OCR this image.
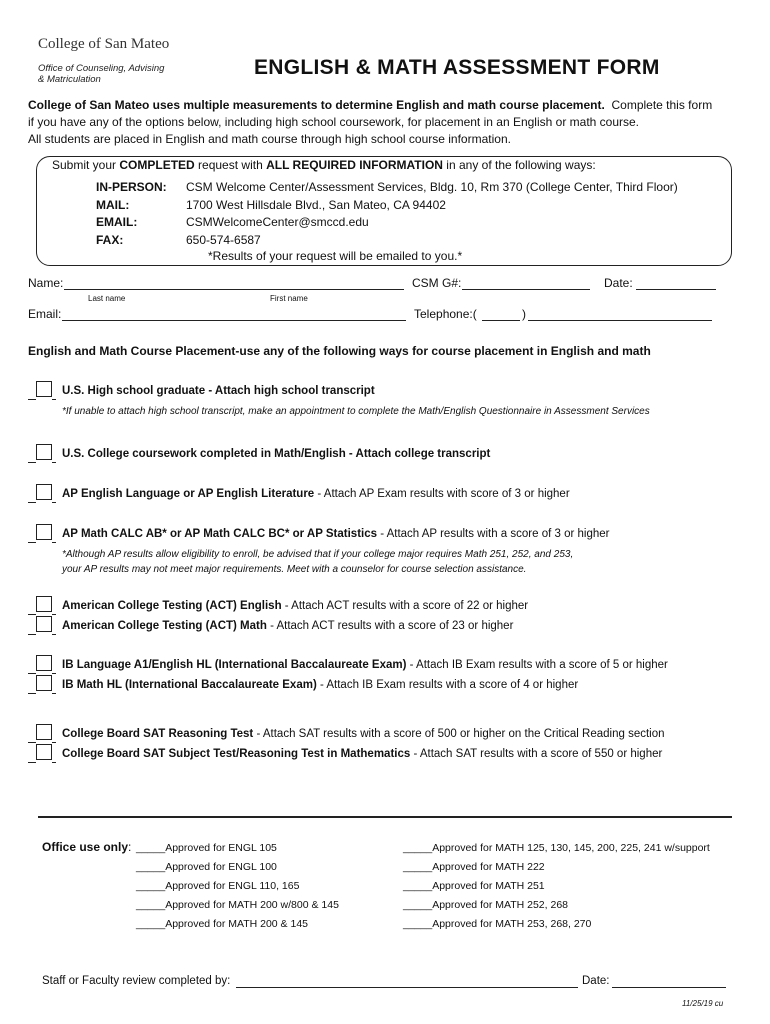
College of San Mateo
Office of Counseling, Advising
& Matriculation
ENGLISH & MATH ASSESSMENT FORM
College of San Mateo uses multiple measurements to determine English and math course placement. Complete this form
if you have any of the options below, including high school coursework, for placement in an English or math course.
All students are placed in English and math course through high school course information.
Submit your COMPLETED request with ALL REQUIRED INFORMATION in any of the following ways:
IN-PERSON: CSM Welcome Center/Assessment Services, Bldg. 10, Rm 370 (College Center, Third Floor)
MAIL:	1700 West Hillsdale Blvd., San Mateo, CA 94402
EMAIL:	CSMWelcomeCenter@smccd.edu
FAX:	650-574-6587
*Results of your request will be emailed to you.*
Name:	CSM G#:	Date:
Last name	First name
Email:	Telephone:(	)
English and Math Course Placement-use any of the following ways for course placement in English and math
U.S. High school graduate - Attach high school transcript
*If unable to attach high school transcript, make an appointment to complete the Math/English Questionnaire in Assessment Services
U.S. College coursework completed in Math/English - Attach college transcript
AP English Language or AP English Literature - Attach AP Exam results with score of 3 or higher
AP Math CALC AB* or AP Math CALC BC* or AP Statistics - Attach AP results with a score of 3 or higher
*Although AP results allow eligibility to enroll, be advised that if your college major requires Math 251, 252, and 253,
your AP results may not meet major requirements. Meet with a counselor for course selection assistance.
American College Testing (ACT) English - Attach ACT results with a score of 22 or higher
American College Testing (ACT) Math - Attach ACT results with a score of 23 or higher
IB Language A1/English HL (International Baccalaureate Exam) - Attach IB Exam results with a score of 5 or higher
IB Math HL (International Baccalaureate Exam) - Attach IB Exam results with a score of 4 or higher
College Board SAT Reasoning Test - Attach SAT results with a score of 500 or higher on the Critical Reading section
College Board SAT Subject Test/Reasoning Test in Mathematics - Attach SAT results with a score of 550 or higher
Office use only: _____Approved for ENGL 105
_____Approved for ENGL 100
_____Approved for ENGL 110, 165
_____Approved for MATH 200 w/800 & 145
_____Approved for MATH 200 & 145
_____Approved for MATH 125, 130, 145, 200, 225, 241 w/support
_____Approved for MATH 222
_____Approved for MATH 251
_____Approved for MATH 252, 268
_____Approved for MATH 253, 268, 270
Staff or Faculty review completed by:	Date:
11/25/19 cu
